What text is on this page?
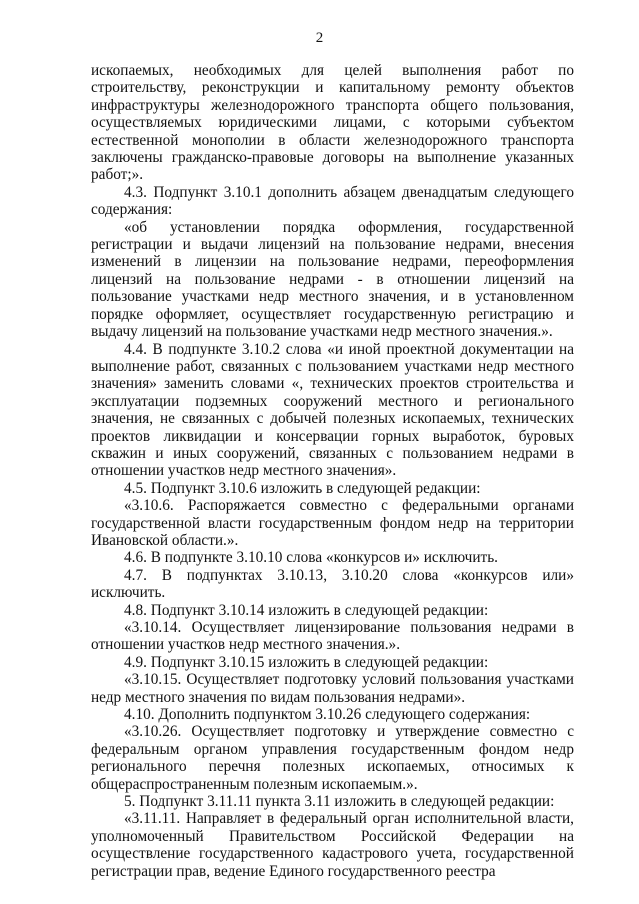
2

ископаемых, необходимых для целей выполнения работ по строительству, реконструкции и капитальному ремонту объектов инфраструктуры железнодорожного транспорта общего пользования, осуществляемых юридическими лицами, с которыми субъектом естественной монополии в области железнодорожного транспорта заключены гражданско-правовые договоры на выполнение указанных работ;».

4.3. Подпункт 3.10.1 дополнить абзацем двенадцатым следующего содержания:

«об установлении порядка оформления, государственной регистрации и выдачи лицензий на пользование недрами, внесения изменений в лицензии на пользование недрами, переоформления лицензий на пользование недрами - в отношении лицензий на пользование участками недр местного значения, и в установленном порядке оформляет, осуществляет государственную регистрацию и выдачу лицензий на пользование участками недр местного значения.».

4.4. В подпункте 3.10.2 слова «и иной проектной документации на выполнение работ, связанных с пользованием участками недр местного значения» заменить словами «, технических проектов строительства и эксплуатации подземных сооружений местного и регионального значения, не связанных с добычей полезных ископаемых, технических проектов ликвидации и консервации горных выработок, буровых скважин и иных сооружений, связанных с пользованием недрами в отношении участков недр местного значения».

4.5. Подпункт 3.10.6 изложить в следующей редакции:

«3.10.6. Распоряжается совместно с федеральными органами государственной власти государственным фондом недр на территории Ивановской области.».

4.6. В подпункте 3.10.10 слова «конкурсов и» исключить.

4.7. В подпунктах 3.10.13, 3.10.20 слова «конкурсов или» исключить.

4.8. Подпункт 3.10.14 изложить в следующей редакции:

«3.10.14. Осуществляет лицензирование пользования недрами в отношении участков недр местного значения.».

4.9. Подпункт 3.10.15 изложить в следующей редакции:

«3.10.15. Осуществляет подготовку условий пользования участками недр местного значения по видам пользования недрами».

4.10. Дополнить подпунктом 3.10.26 следующего содержания:

«3.10.26. Осуществляет подготовку и утверждение совместно с федеральным органом управления государственным фондом недр регионального перечня полезных ископаемых, относимых к общераспространенным полезным ископаемым.».

5. Подпункт 3.11.11 пункта 3.11 изложить в следующей редакции:

«3.11.11. Направляет в федеральный орган исполнительной власти, уполномоченный Правительством Российской Федерации на осуществление государственного кадастрового учета, государственной регистрации прав, ведение Единого государственного реестра
